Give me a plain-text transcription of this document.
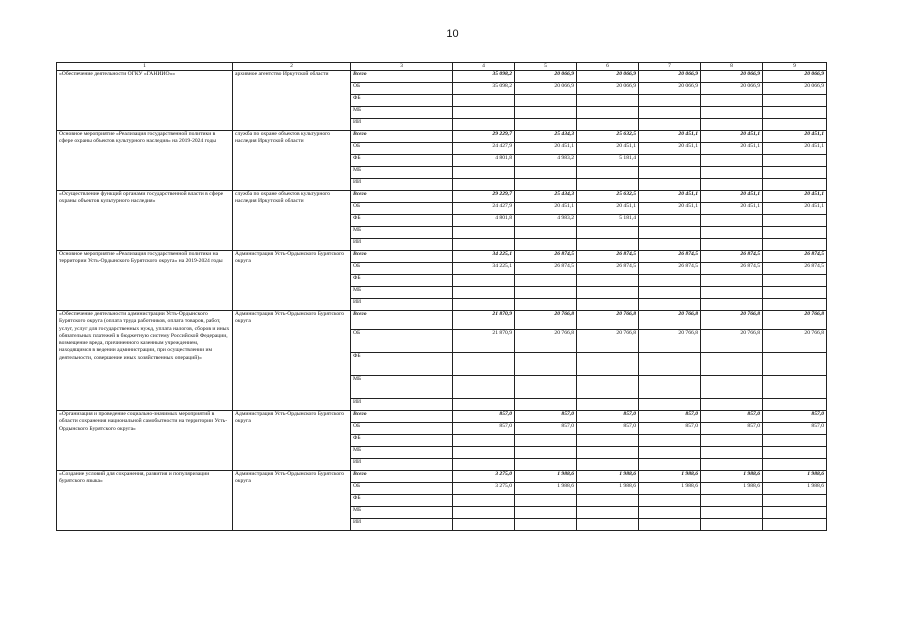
10
1	2	3	4	5	6	7	8	9
«Обеспечение деятельности ОГКУ «ГАНИИО»»	архивное агентство Иркутской области	Всего	35 098,2	20 066,9	20 066,9	20 066,9	20 066,9	20 066,9
		ОБ	35 098,2	20 066,9	20 066,9	20 066,9	20 066,9	20 066,9
		ФБ						
		МБ						
		ИИ						
Основное мероприятие «Реализация государственной политики в сфере охраны объектов культурного наследия» на 2019-2024 годы	служба по охране объектов культурного наследия Иркутской области	Всего	29 229,7	25 434,3	25 632,5	20 451,1	20 451,1	20 451,1
		ОБ	24 427,9	20 451,1	20 451,1	20 451,1	20 451,1	20 451,1
		ФБ	4 801,8	4 983,2	5 181,4			
		МБ						
		ИИ						
«Осуществление функций органами государственной власти в сфере охраны объектов культурного наследия»	служба по охране объектов культурного наследия Иркутской области	Всего	29 229,7	25 434,3	25 632,5	20 451,1	20 451,1	20 451,1
		ОБ	24 427,9	20 451,1	20 451,1	20 451,1	20 451,1	20 451,1
		ФБ	4 801,8	4 983,2	5 181,4			
		МБ						
		ИИ						
Основное мероприятие «Реализация государственной политики на территории Усть-Ордынского Бурятского округа» на 2019-2024 годы	Администрация Усть-Ордынского Бурятского округа	Всего	34 225,1	26 874,5	26 874,5	26 874,5	26 874,5	26 874,5
		ОБ	34 225,1	26 874,5	26 874,5	26 874,5	26 874,5	26 874,5
		ФБ						
		МБ						
		ИИ						
«Обеспечение деятельности администрации Усть-Ордынского Бурятского округа (оплата труда работников, оплата товаров, работ, услуг, услуг для государственных нужд, уплата налогов, сборов и иных обязательных платежей в бюджетную систему Российской Федерации, возмещение вреда, причиненного казенным учреждением, находящимся в ведении администрации, при осуществлении им деятельности, совершение иных хозяйственных операций)»	Администрация Усть-Ордынского Бурятского округа	Всего	21 870,9	20 766,8	20 766,8	20 766,8	20 766,8	20 766,8
		ОБ	21 870,9	20 766,8	20 766,8	20 766,8	20 766,8	20 766,8
		ФБ						
		МБ						
		ИИ						
«Организация и проведение социально-значимых мероприятий в области сохранения национальной самобытности на территории Усть-Ордынского Бурятского округа»	Администрация Усть-Ордынского Бурятского округа	Всего	857,0	857,0	857,0	857,0	857,0	857,0
		ОБ	857,0	857,0	857,0	857,0	857,0	857,0
		ФБ						
		МБ						
		ИИ						
«Создание условий для сохранения, развития и популяризации бурятского языка»	Администрация Усть-Ордынского Бурятского округа	Всего	3 275,0	1 988,6	1 988,6	1 988,6	1 988,6	1 988,6
		ОБ	3 275,0	1 988,6	1 988,6	1 988,6	1 988,6	1 988,6
		ФБ						
		МБ						
		ИИ						
